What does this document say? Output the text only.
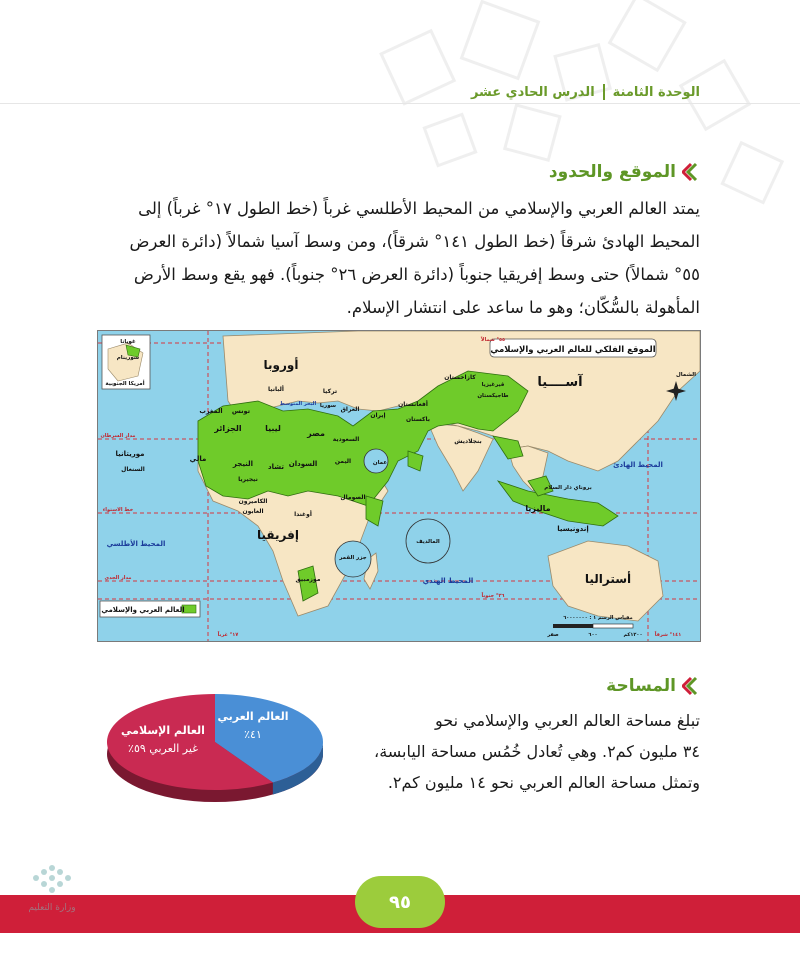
الوحدة الثامنة
الدرس الحادي عشر
الموقع والحدود

يمتد العالم العربي والإسلامي من المحيط الأطلسي غرباً (خط الطول ١٧° غرباً) إلى

المحيط الهادئ شرقاً (خط الطول ١٤١° شرقاً)، ومن وسط آسيا شمالاً (دائرة العرض

٥٥° شمالاً) حتى وسط إفريقيا جنوباً (دائرة العرض ٢٦° جنوباً). فهو يقع وسط الأرض

المأهولة بالسُّكّان؛ وهو ما ساعد على انتشار الإسلام.

الموقع الفلكي للعالم العربي والإسلامي
العالم العربي والإسلامي
أوروبا
آســــيا
إفريقيا
أستراليا
المحيط الأطلسي
المحيط الهندي
المحيط الهادئ
غويانا
سورينام
أمريكا الجنوبية
كازاخستان
تركيا
ألبانيا
إيران
أفغانستان
باكستان
العراق
سوريا
السعودية
اليمن
مصر
ليبيا
الجزائر
تونس
المغرب
موريتانيا
مالي
النيجر تشاد السودان
نيجيريا
السنغال
الكاميرون
الغابون	أوغندا
الصومال
موزمبيق
جزر القمر
المالديف
بنجلاديش
ماليزيا
إندونيسيا
بروناي دار السلام
قيرغيزيا
طاجيكستان
عمان
البحر المتوسط
مدار السرطان
خط الاستواء
مدار الجدي
٥٥° شمالاً
٢٦° جنوباً
١٧° غرباً	١٤١° شرقاً
الشمال
مقياس الرسم ١ : ٦٠٠٠٠٠٠٠
صفر	٦٠٠	١٢٠٠كم
المساحة

تبلغ مساحة العالم العربي والإسلامي نحو

٣٤ مليون كم٢. وهي تُعادل خُمُس مساحة اليابسة،

وتمثل مساحة العالم العربي نحو ١٤ مليون كم٢.

العالم العربي
٤١٪
العالم الإسلامي
غير العربي ٥٩٪
٩٥
وزارة التعليم
